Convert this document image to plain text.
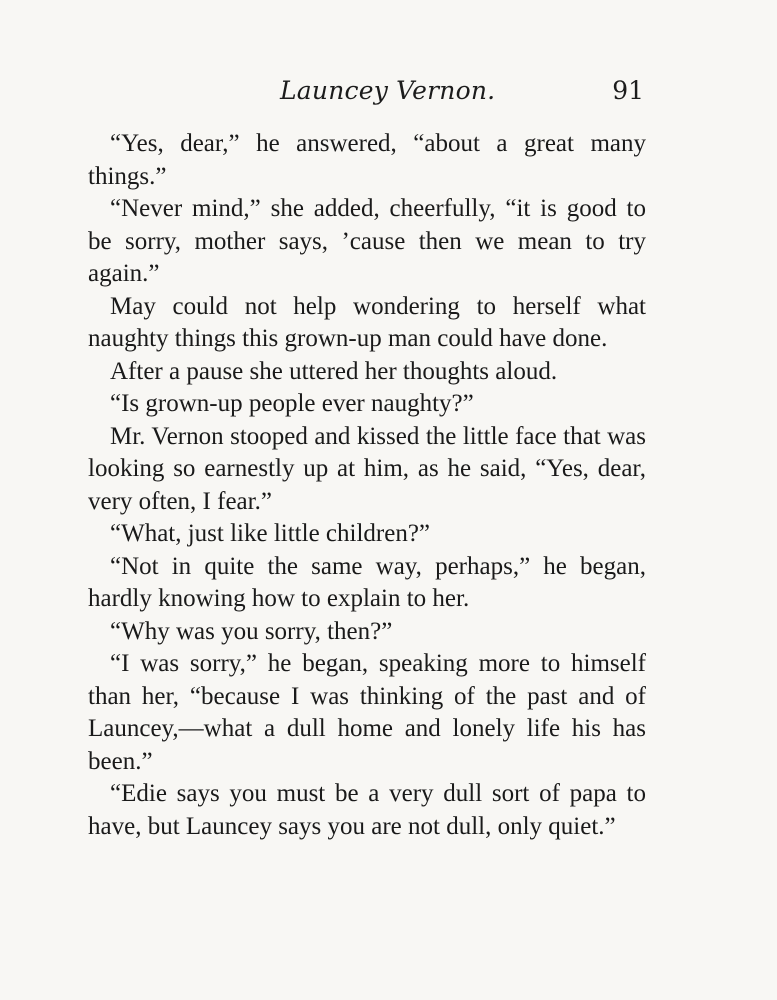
Launcey Vernon.	91

“Yes, dear,” he answered, “about a great many things.”

“Never mind,” she added, cheerfully, “it is good to be sorry, mother says, ’cause then we mean to try again.”

May could not help wondering to herself what naughty things this grown-up man could have done.

After a pause she uttered her thoughts aloud.

“Is grown-up people ever naughty?”

Mr. Vernon stooped and kissed the little face that was looking so earnestly up at him, as he said, “Yes, dear, very often, I fear.”

“What, just like little children?”

“Not in quite the same way, perhaps,” he began, hardly knowing how to explain to her.

“Why was you sorry, then?”

“I was sorry,” he began, speaking more to himself than her, “because I was thinking of the past and of Launcey,—what a dull home and lonely life his has been.”

“Edie says you must be a very dull sort of papa to have, but Launcey says you are not dull, only quiet.”
